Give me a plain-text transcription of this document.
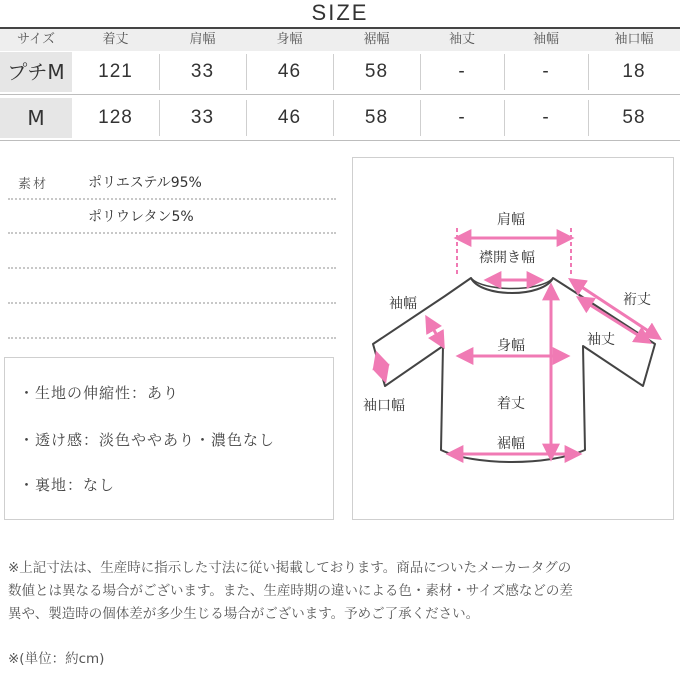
SIZE
サイズ	着丈	肩幅	身幅	裾幅	袖丈	袖幅	袖口幅
プチM	121	33	46	58	-	-	18
M	128	33	46	58	-	-	58
素材	ポリエステル95%
ポリウレタン5%
・生地の伸縮性：あり
・透け感：淡色ややあり・濃色なし
・裏地：なし
肩幅
襟開き幅
裄丈
袖幅
袖丈
身幅
袖口幅	着丈
裾幅
※上記寸法は、生産時に指示した寸法に従い掲載しております。商品についたメーカータグの
数値とは異なる場合がございます。また、生産時期の違いによる色・素材・サイズ感などの差
異や、製造時の個体差が多少生じる場合がございます。予めご了承ください。
※(単位：約cm)
